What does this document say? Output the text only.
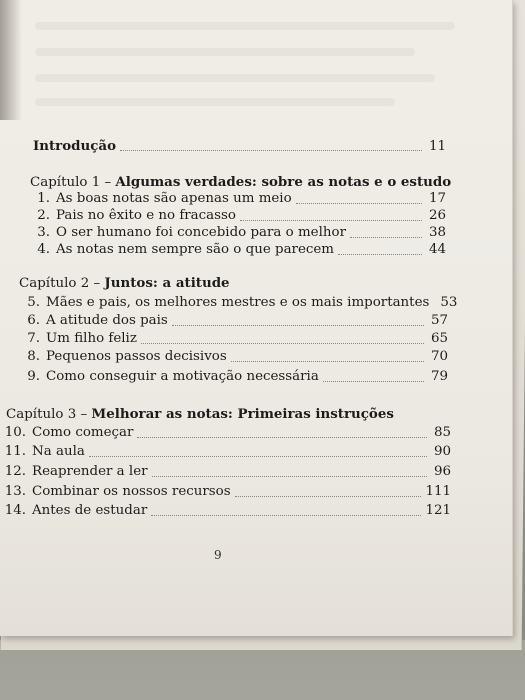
Introdução	11
Capítulo 1 – Algumas verdades: sobre as notas e o estudo
1. As boas notas são apenas um meio	17
2. Pais no êxito e no fracasso	26
3. O ser humano foi concebido para o melhor	38
4. As notas nem sempre são o que parecem	44
Capítulo 2 – Juntos: a atitude
5. Mães e pais, os melhores mestres e os mais importantes 53
6. A atitude dos pais	57
7. Um filho feliz	65
8. Pequenos passos decisivos	70
9. Como conseguir a motivação necessária	79
Capítulo 3 – Melhorar as notas: Primeiras instruções
10. Como começar	85
11. Na aula	90
12. Reaprender a ler	96
13. Combinar os nossos recursos	111
14. Antes de estudar	121
9
